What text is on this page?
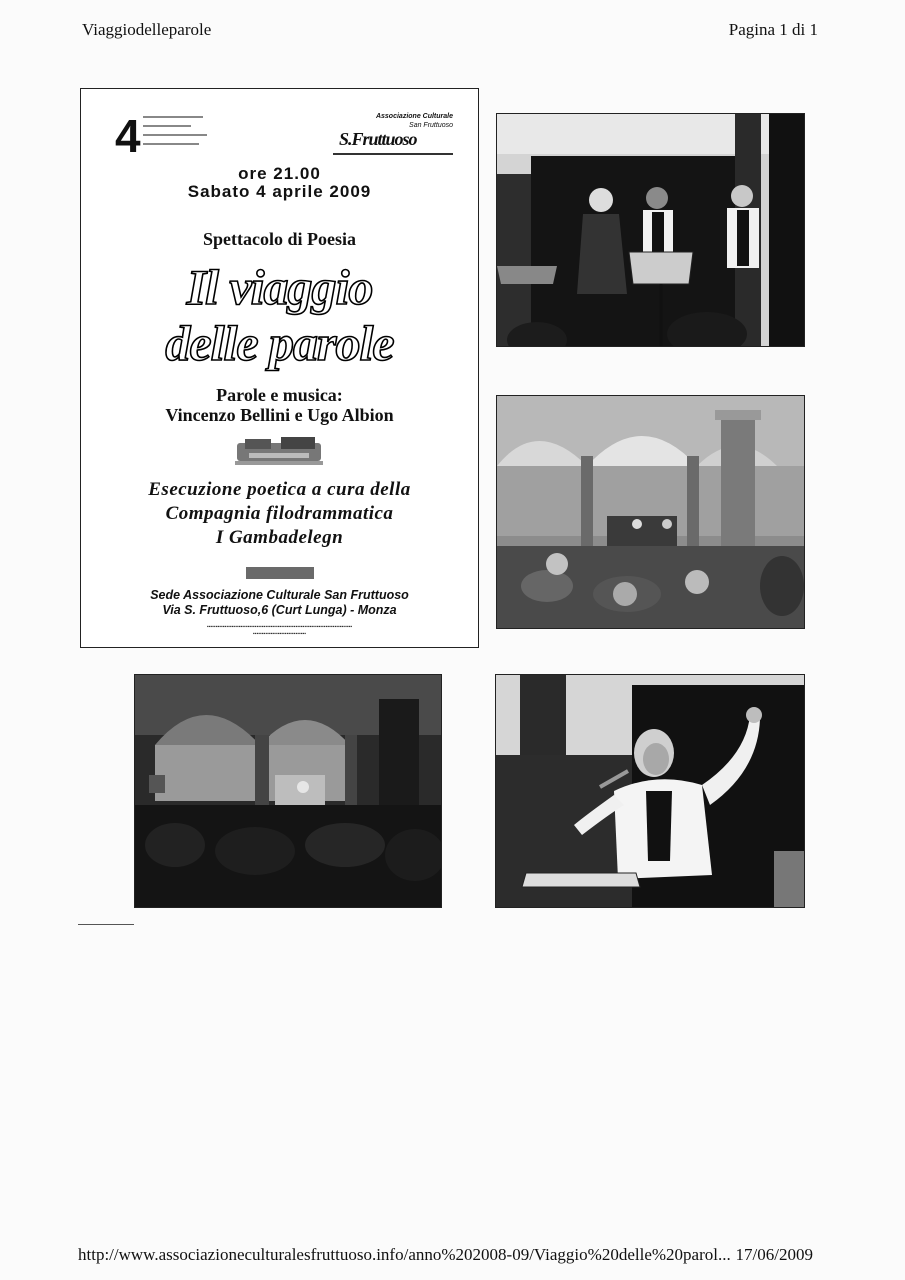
Viaggiodelleparole	Pagina 1 di 1
4	Associazione Culturale
San Fruttuoso
S.Fruttuoso
ore 21.00
Sabato 4 aprile 2009
Spettacolo di Poesia
Il viaggio
delle parole
Parole e musica:
Vincenzo Bellini e Ugo Albion
Esecuzione poetica a cura della
Compagnia filodrammatica
I Gambadelegn
Sede Associazione Culturale San Fruttuoso
Via S. Fruttuoso,6 (Curt Lunga) - Monza
▪▪▪▪▪▪▪▪▪▪▪▪▪▪▪▪▪▪▪▪▪▪▪▪▪▪▪▪▪▪▪▪▪▪▪▪▪▪▪▪▪▪▪▪▪▪▪▪▪▪▪▪▪▪▪▪▪▪▪▪▪▪▪▪▪▪▪▪▪▪▪▪▪▪▪▪▪▪▪▪▪▪
▪▪▪▪▪▪▪▪▪▪▪▪▪▪▪▪▪▪▪▪▪▪▪▪▪▪▪▪▪▪
http://www.associazioneculturalesfruttuoso.info/anno%202008-09/Viaggio%20delle%20parol... 17/06/2009
